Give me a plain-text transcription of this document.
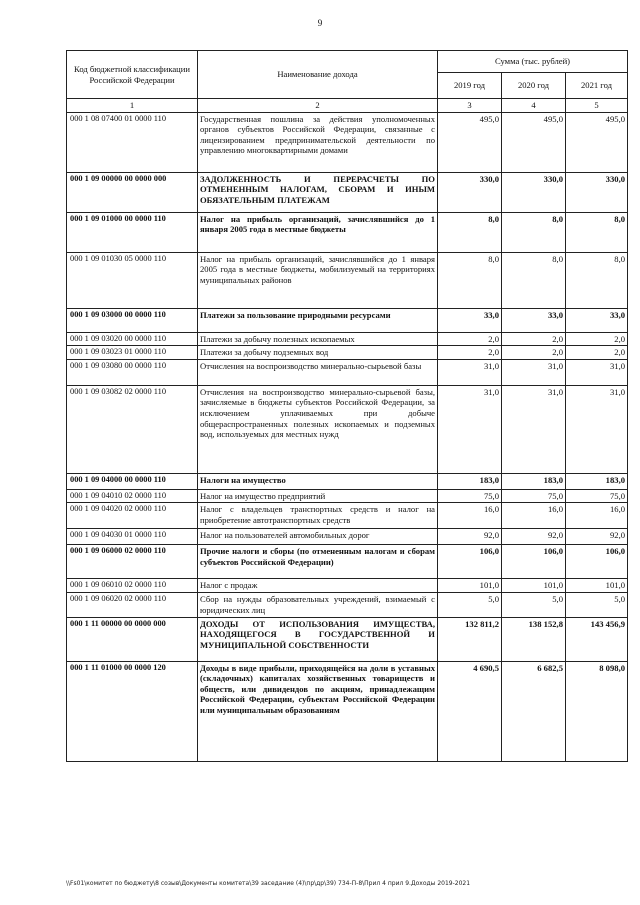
9
Код бюджетной классификации Российской Федерации	Наименование дохода	Сумма (тыс. рублей)		
		2019 год	2020 год	2021 год
1	2	3	4	5
000 1 08 07400 01 0000 110	Государственная пошлина за действия уполномоченных органов субъектов Российской Федерации, связанные с лицензированием предпринимательской деятельности по управлению многоквартирными домами	495,0	495,0	495,0
000 1 09 00000 00 0000 000	ЗАДОЛЖЕННОСТЬ И ПЕРЕРАСЧЕТЫ ПО ОТМЕНЕННЫМ НАЛОГАМ, СБОРАМ И ИНЫМ ОБЯЗАТЕЛЬНЫМ ПЛАТЕЖАМ	330,0	330,0	330,0
000 1 09 01000 00 0000 110	Налог на прибыль организаций, зачислявшийся до 1 января 2005 года в местные бюджеты	8,0	8,0	8,0
000 1 09 01030 05 0000 110	Налог на прибыль организаций, зачислявшийся до 1 января 2005 года в местные бюджеты, мобилизуемый на территориях муниципальных районов	8,0	8,0	8,0
000 1 09 03000 00 0000 110	Платежи за пользование природными ресурсами	33,0	33,0	33,0
000 1 09 03020 00 0000 110	Платежи за добычу полезных ископаемых	2,0	2,0	2,0
000 1 09 03023 01 0000 110	Платежи за добычу подземных вод	2,0	2,0	2,0
000 1 09 03080 00 0000 110	Отчисления на воспроизводство минерально-сырьевой базы	31,0	31,0	31,0
000 1 09 03082 02 0000 110	Отчисления на воспроизводство минерально-сырьевой базы, зачисляемые в бюджеты субъектов Российской Федерации, за исключением уплачиваемых при добыче общераспространенных полезных ископаемых и подземных вод, используемых для местных нужд	31,0	31,0	31,0
000 1 09 04000 00 0000 110	Налоги на имущество	183,0	183,0	183,0
000 1 09 04010 02 0000 110	Налог на имущество предприятий	75,0	75,0	75,0
000 1 09 04020 02 0000 110	Налог с владельцев транспортных средств и налог на приобретение автотранспортных средств	16,0	16,0	16,0
000 1 09 04030 01 0000 110	Налог на пользователей автомобильных дорог	92,0	92,0	92,0
000 1 09 06000 02 0000 110	Прочие налоги и сборы (по отмененным налогам и сборам субъектов Российской Федерации)	106,0	106,0	106,0
000 1 09 06010 02 0000 110	Налог с продаж	101,0	101,0	101,0
000 1 09 06020 02 0000 110	Сбор на нужды образовательных учреждений, взимаемый с юридических лиц	5,0	5,0	5,0
000 1 11 00000 00 0000 000	ДОХОДЫ ОТ ИСПОЛЬЗОВАНИЯ ИМУЩЕСТВА, НАХОДЯЩЕГОСЯ В ГОСУДАРСТВЕННОЙ И МУНИЦИПАЛЬНОЙ СОБСТВЕННОСТИ	132 811,2	138 152,8	143 456,9
000 1 11 01000 00 0000 120	Доходы в виде прибыли, приходящейся на доли в уставных (складочных) капиталах хозяйственных товариществ и обществ, или дивидендов по акциям, принадлежащим Российской Федерации, субъектам Российской Федерации или муниципальным образованиям	4 690,5	6 682,5	8 098,0
\\Fs01\комитет по бюджету\8 созыв\Документы комитета\39 заседание (4)\пр\др\39) 734-П-8\Прил 4 прил 9.Доходы 2019-2021
